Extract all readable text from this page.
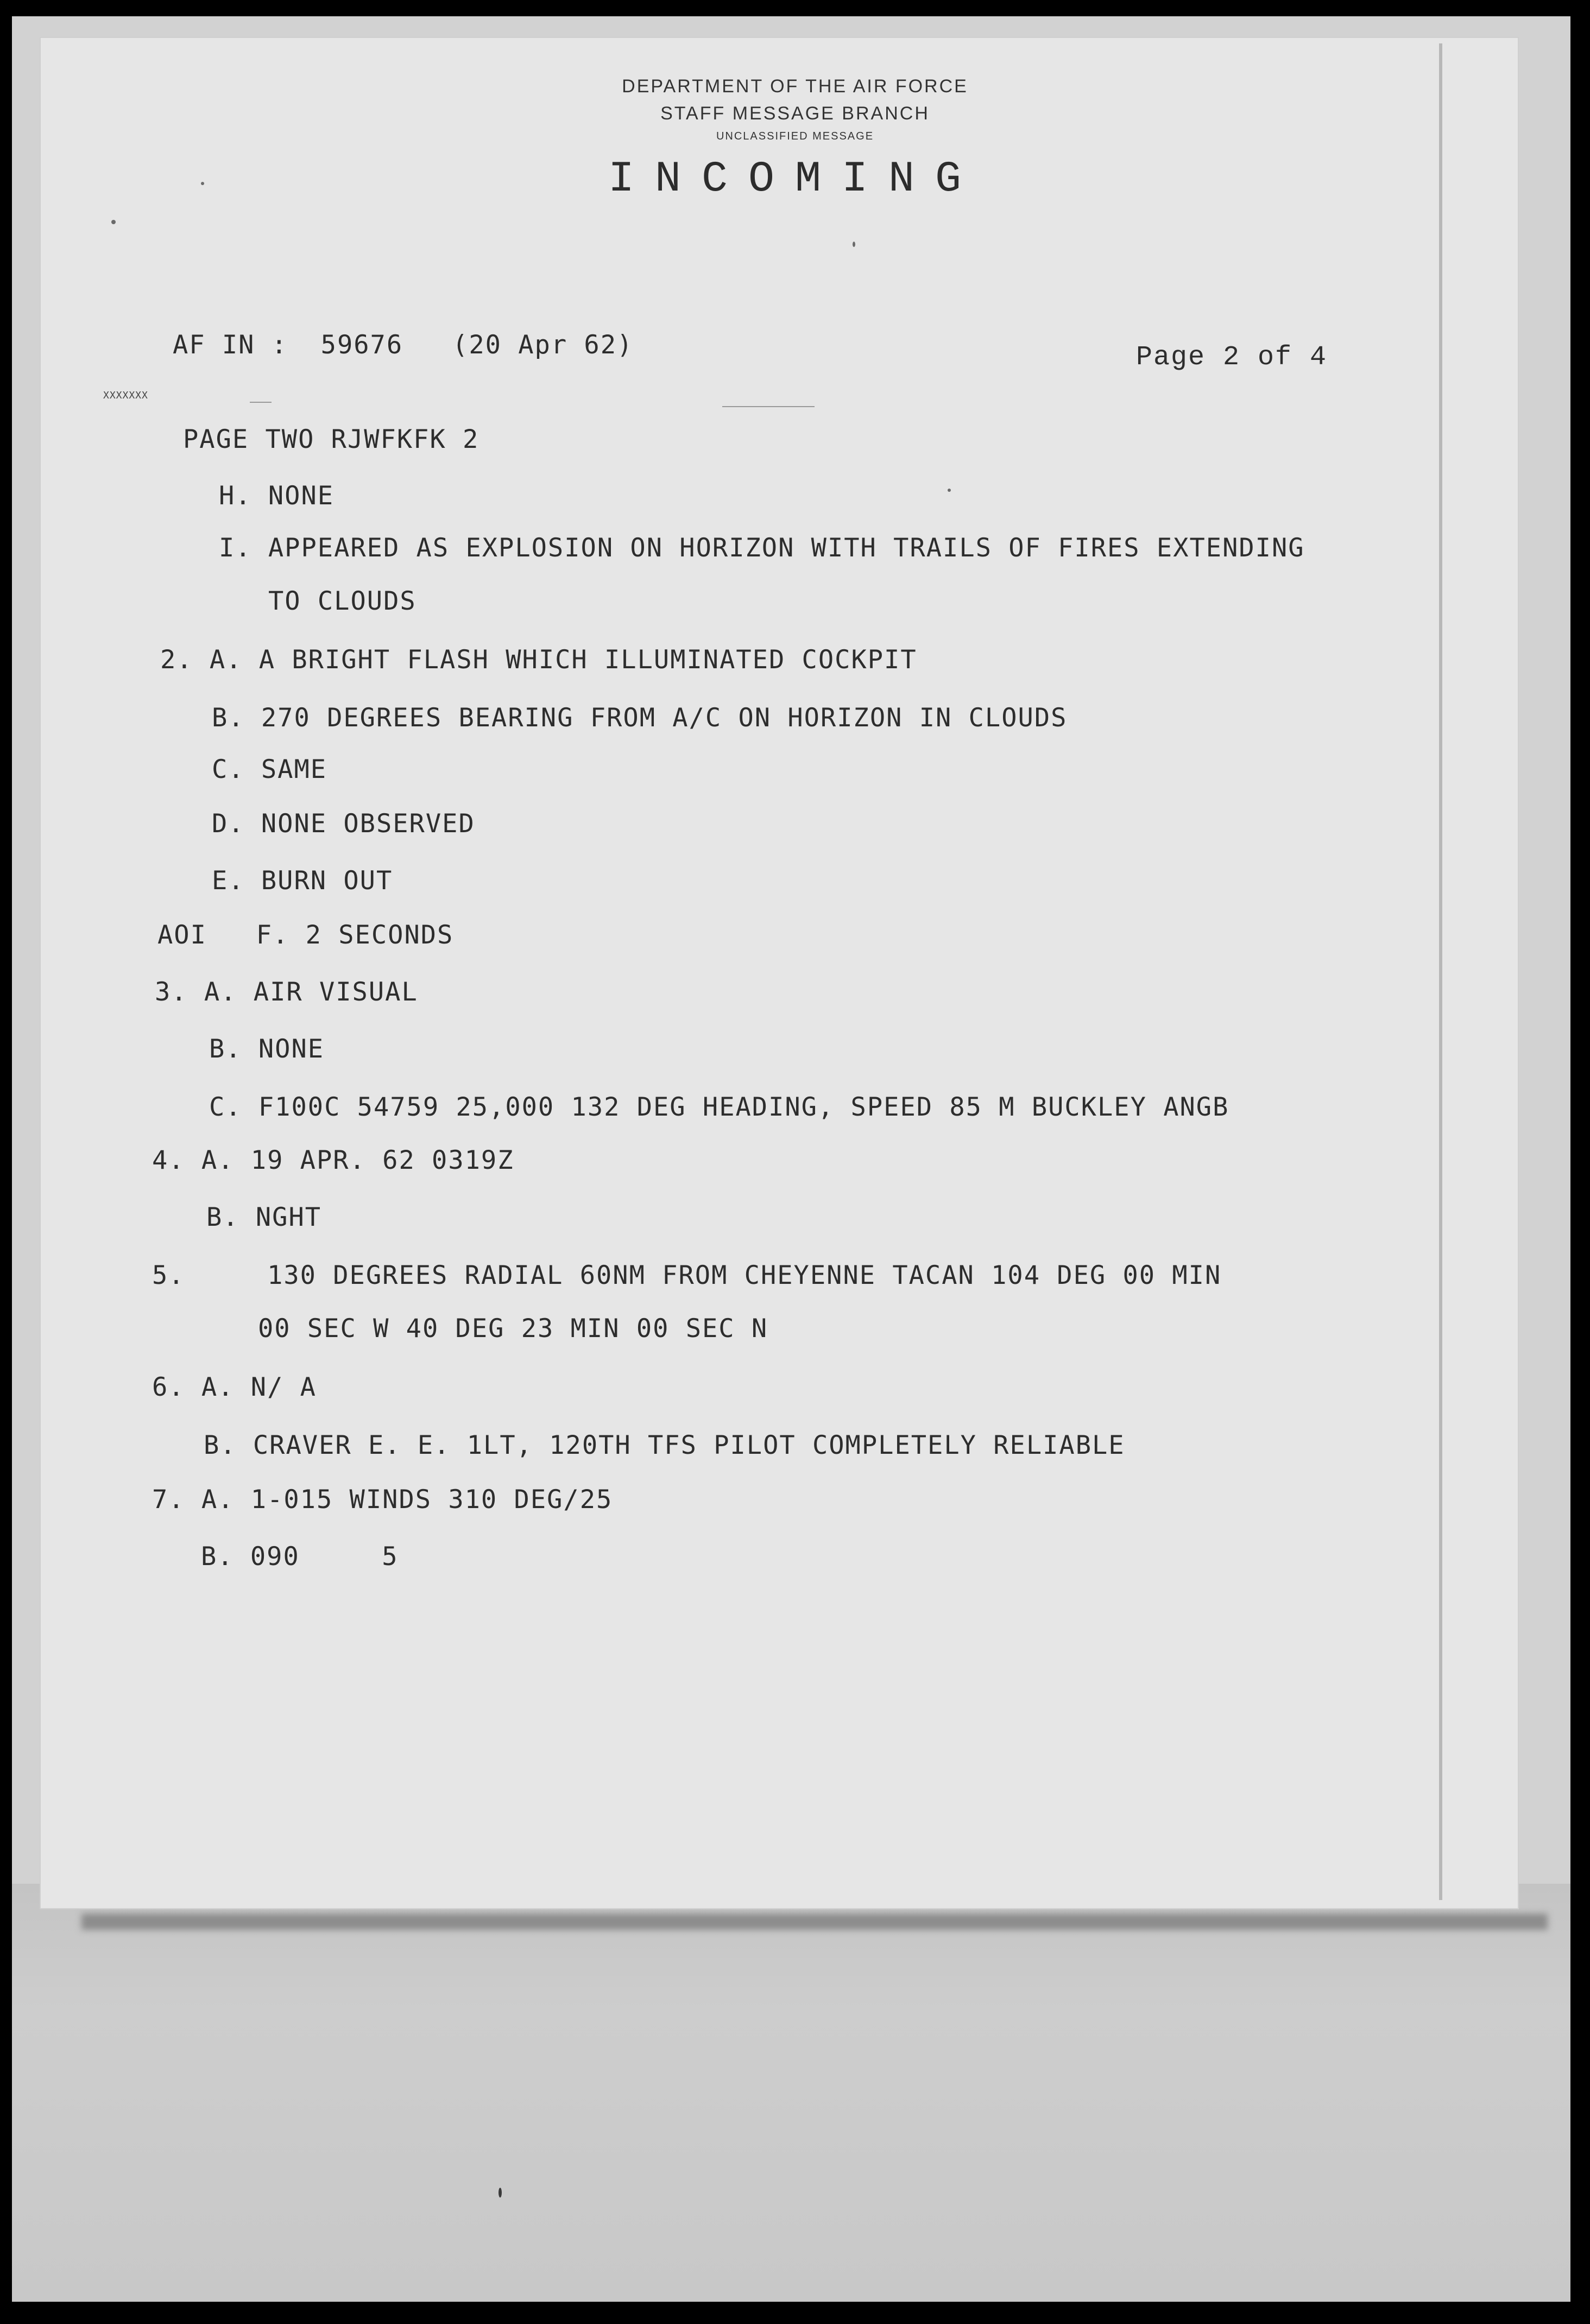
DEPARTMENT OF THE AIR FORCE
STAFF MESSAGE BRANCH
UNCLASSIFIED MESSAGE
INCOMING
AF IN :  59676   (20 Apr 62)	Page 2 of 4
XXXXXXX
PAGE TWO RJWFKFK 2
H. NONE
I. APPEARED AS EXPLOSION ON HORIZON WITH TRAILS OF FIRES EXTENDING
TO CLOUDS
2. A. A BRIGHT FLASH WHICH ILLUMINATED COCKPIT
B. 270 DEGREES BEARING FROM A/C ON HORIZON IN CLOUDS
C. SAME
D. NONE OBSERVED
E. BURN OUT
AOI   F. 2 SECONDS
3. A. AIR VISUAL
B. NONE
C. F100C 54759 25,000 132 DEG HEADING, SPEED 85 M BUCKLEY ANGB
4. A. 19 APR. 62 0319Z
B. NGHT
5.     130 DEGREES RADIAL 60NM FROM CHEYENNE TACAN 104 DEG 00 MIN
00 SEC W 40 DEG 23 MIN 00 SEC N
6. A. N/ A
B. CRAVER E. E. 1LT, 120TH TFS PILOT COMPLETELY RELIABLE
7. A. 1-015 WINDS 310 DEG/25
B. 090     5
